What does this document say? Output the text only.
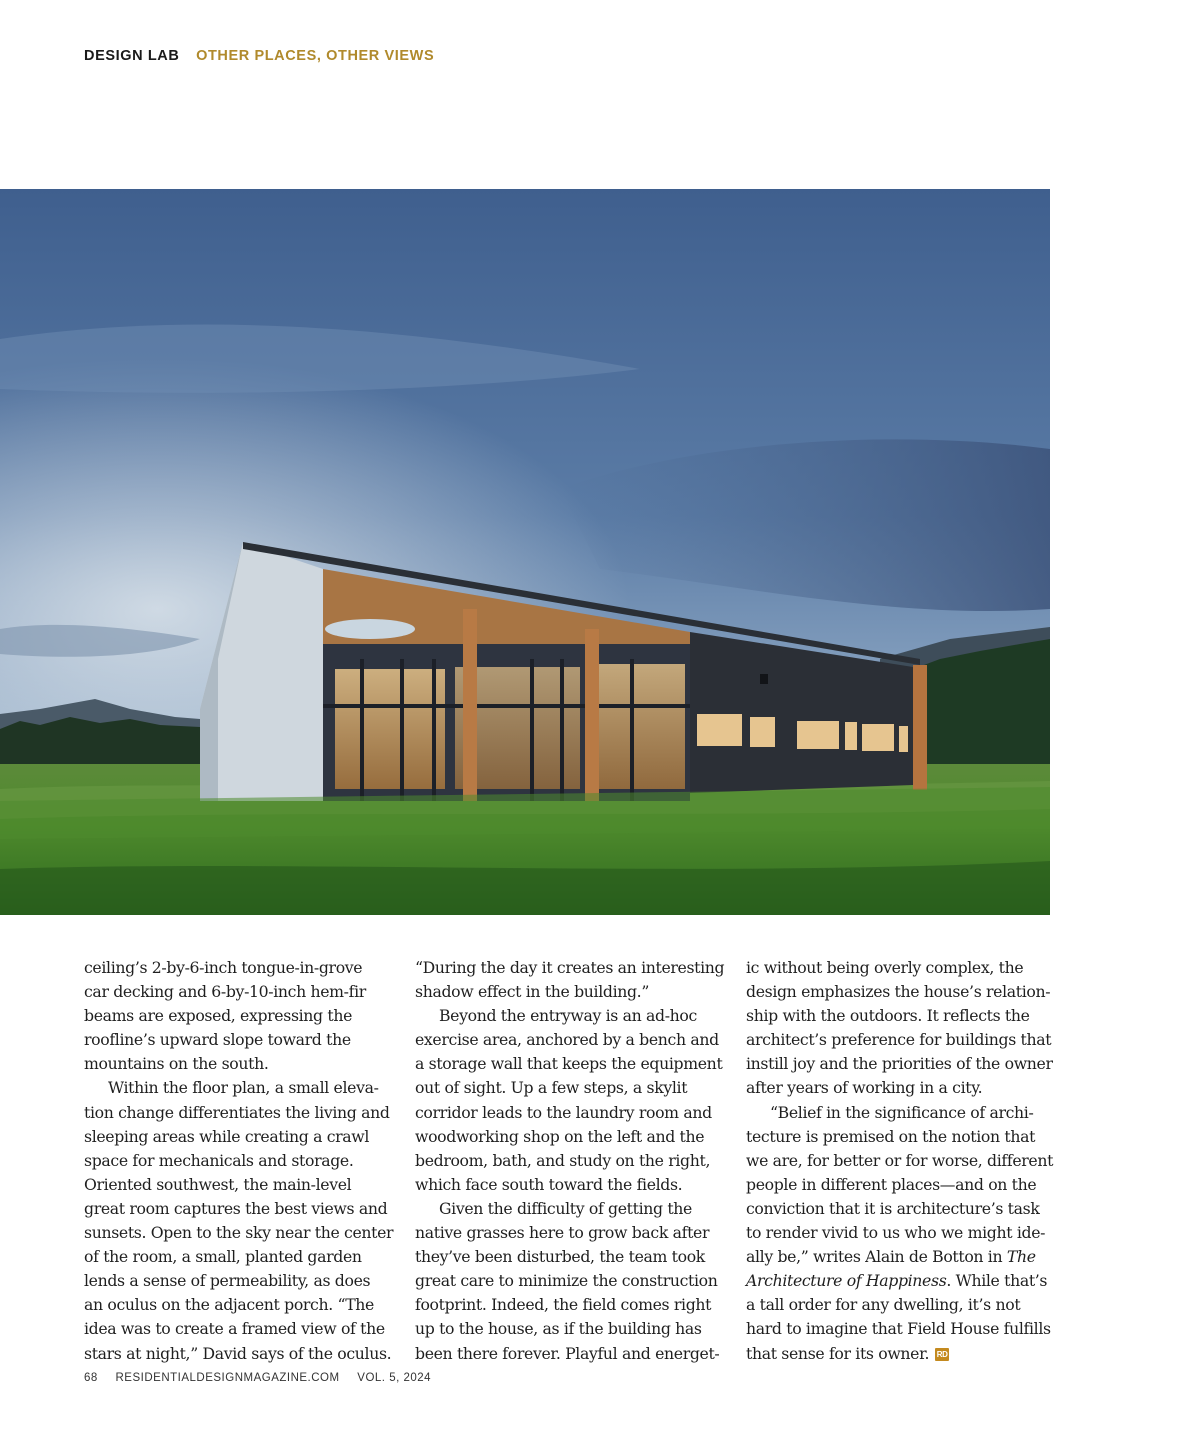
DESIGN LAB OTHER PLACES, OTHER VIEWS
ceiling’s 2-by-6-inch tongue-in-grove
car decking and 6-by-10-inch hem-fir
beams are exposed, expressing the
roofline’s upward slope toward the
mountains on the south.
Within the floor plan, a small eleva-
tion change differentiates the living and
sleeping areas while creating a crawl
space for mechanicals and storage.
Oriented southwest, the main-level
great room captures the best views and
sunsets. Open to the sky near the center
of the room, a small, planted garden
lends a sense of permeability, as does
an oculus on the adjacent porch. “The
idea was to create a framed view of the
stars at night,” David says of the oculus.
“During the day it creates an interesting
shadow effect in the building.”
Beyond the entryway is an ad-hoc
exercise area, anchored by a bench and
a storage wall that keeps the equipment
out of sight. Up a few steps, a skylit
corridor leads to the laundry room and
woodworking shop on the left and the
bedroom, bath, and study on the right,
which face south toward the fields.
Given the difficulty of getting the
native grasses here to grow back after
they’ve been disturbed, the team took
great care to minimize the construction
footprint. Indeed, the field comes right
up to the house, as if the building has
been there forever. Playful and energet-
ic without being overly complex, the
design emphasizes the house’s relation-
ship with the outdoors. It reflects the
architect’s preference for buildings that
instill joy and the priorities of the owner
after years of working in a city.
“Belief in the significance of archi-
tecture is premised on the notion that
we are, for better or for worse, different
people in different places—and on the
conviction that it is architecture’s task
to render vivid to us who we might ide-
ally be,” writes Alain de Botton in The
Architecture of Happiness. While that’s
a tall order for any dwelling, it’s not
hard to imagine that Field House fulfills
that sense for its owner. RD
68 RESIDENTIALDESIGNMAGAZINE.COM VOL. 5, 2024
